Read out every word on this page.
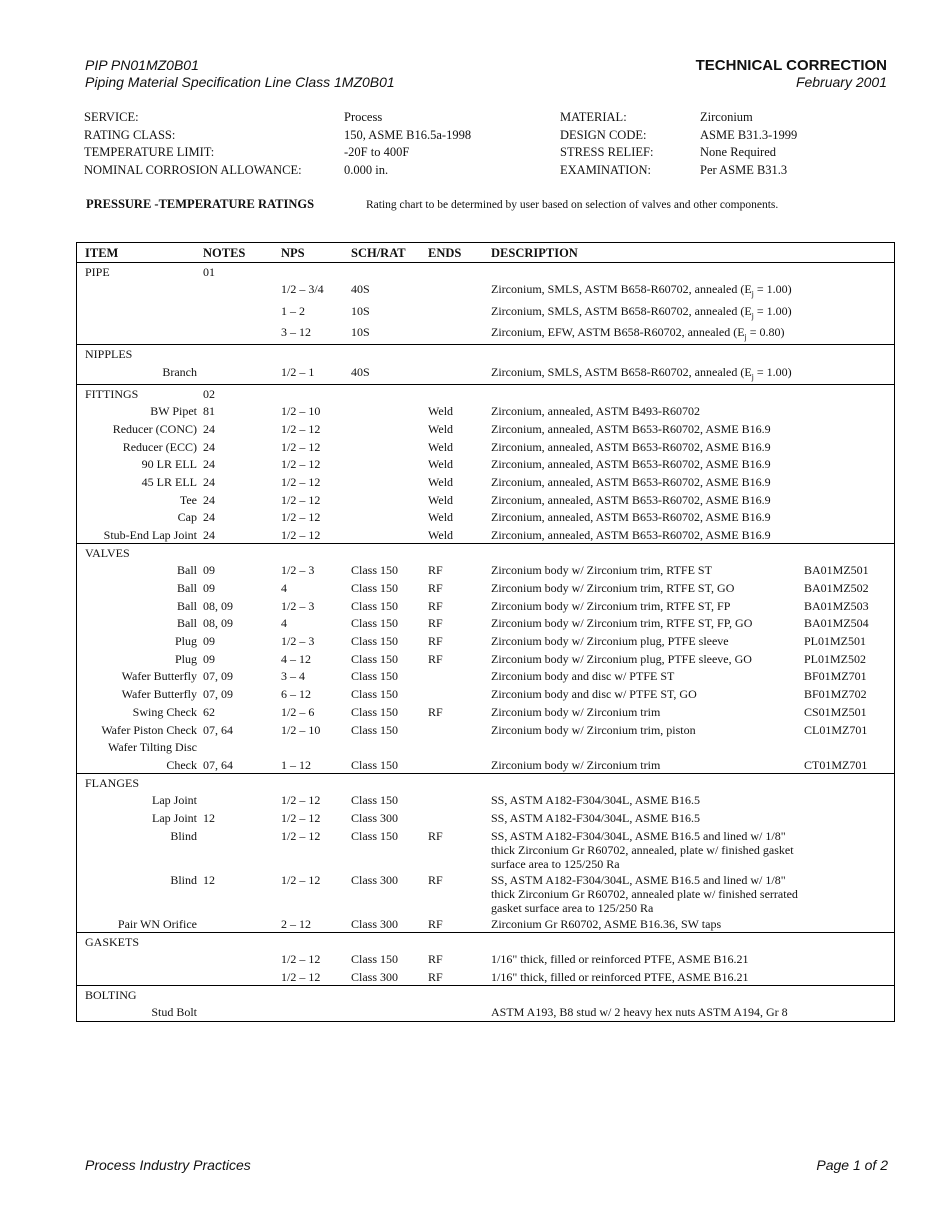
PIP PN01MZ0B01
Piping Material Specification Line Class 1MZ0B01
TECHNICAL CORRECTION
February 2001
SERVICE:	Process	MATERIAL:	Zirconium
RATING CLASS:	150, ASME B16.5a-1998	DESIGN CODE:	ASME B31.3-1999
TEMPERATURE LIMIT:	-20F to 400F	STRESS RELIEF:	None Required
NOMINAL CORROSION ALLOWANCE:	0.000 in.	EXAMINATION:	Per ASME B31.3
PRESSURE -TEMPERATURE RATINGS	Rating chart to be determined by user based on selection of valves and other components.
ITEM	NOTES	NPS	SCH/RAT	ENDS	DESCRIPTION	
PIPE	01					
		1/2 – 3/4	40S		Zirconium, SMLS, ASTM B658-R60702, annealed $(E_j = 1.00)$	
		1 – 2	10S		Zirconium, SMLS, ASTM B658-R60702, annealed $(E_j = 1.00)$	
		3 – 12	10S		Zirconium, EFW, ASTM B658-R60702, annealed $(E_j = 0.80)$	
NIPPLES						
Branch		1/2 – 1	40S		Zirconium, SMLS, ASTM B658-R60702, annealed $(E_j = 1.00)$	
FITTINGS	02					
BW Pipet	81	1/2 – 10		Weld	Zirconium, annealed, ASTM B493-R60702	
Reducer (CONC)	24	1/2 – 12		Weld	Zirconium, annealed, ASTM B653-R60702, ASME B16.9	
Reducer (ECC)	24	1/2 – 12		Weld	Zirconium, annealed, ASTM B653-R60702, ASME B16.9	
90 LR ELL	24	1/2 – 12		Weld	Zirconium, annealed, ASTM B653-R60702, ASME B16.9	
45 LR ELL	24	1/2 – 12		Weld	Zirconium, annealed, ASTM B653-R60702, ASME B16.9	
Tee	24	1/2 – 12		Weld	Zirconium, annealed, ASTM B653-R60702, ASME B16.9	
Cap	24	1/2 – 12		Weld	Zirconium, annealed, ASTM B653-R60702, ASME B16.9	
Stub-End Lap Joint	24	1/2 – 12		Weld	Zirconium, annealed, ASTM B653-R60702, ASME B16.9	
VALVES						
Ball	09	1/2 – 3	Class 150	RF	Zirconium body w/ Zirconium trim, RTFE ST	BA01MZ501
Ball	09	4	Class 150	RF	Zirconium body w/ Zirconium trim, RTFE ST, GO	BA01MZ502
Ball	08, 09	1/2 – 3	Class 150	RF	Zirconium body w/ Zirconium trim, RTFE ST, FP	BA01MZ503
Ball	08, 09	4	Class 150	RF	Zirconium body w/ Zirconium trim, RTFE ST, FP, GO	BA01MZ504
Plug	09	1/2 – 3	Class 150	RF	Zirconium body w/ Zirconium plug, PTFE sleeve	PL01MZ501
Plug	09	4 – 12	Class 150	RF	Zirconium body w/ Zirconium plug, PTFE sleeve, GO	PL01MZ502
Wafer Butterfly	07, 09	3 – 4	Class 150		Zirconium body and disc w/ PTFE ST	BF01MZ701
Wafer Butterfly	07, 09	6 – 12	Class 150		Zirconium body and disc w/ PTFE ST, GO	BF01MZ702
Swing Check	62	1/2 – 6	Class 150	RF	Zirconium body w/ Zirconium trim	CS01MZ501
Wafer Piston Check	07, 64	1/2 – 10	Class 150		Zirconium body w/ Zirconium trim, piston	CL01MZ701
Wafer Tilting Disc						
Check	07, 64	1 – 12	Class 150		Zirconium body w/ Zirconium trim	CT01MZ701
FLANGES						
Lap Joint		1/2 – 12	Class 150		SS, ASTM A182-F304/304L, ASME B16.5	
Lap Joint	12	1/2 – 12	Class 300		SS, ASTM A182-F304/304L, ASME B16.5	
Blind		1/2 – 12	Class 150	RF	SS, ASTM A182-F304/304L, ASME B16.5 and lined w/ 1/8" thick Zirconium Gr R60702, annealed, plate w/ finished gasket surface area to 125/250 Ra	
Blind	12	1/2 – 12	Class 300	RF	SS, ASTM A182-F304/304L, ASME B16.5 and lined w/ 1/8" thick Zirconium Gr R60702, annealed plate w/ finished serrated gasket surface area to 125/250 Ra	
Pair WN Orifice		2 – 12	Class 300	RF	Zirconium Gr R60702, ASME B16.36, SW taps	
GASKETS						
		1/2 – 12	Class 150	RF	1/16" thick, filled or reinforced PTFE, ASME B16.21	
		1/2 – 12	Class 300	RF	1/16" thick, filled or reinforced PTFE, ASME B16.21	
BOLTING						
Stud Bolt					ASTM A193, B8 stud w/ 2 heavy hex nuts ASTM A194, Gr 8	
Process Industry Practices	Page 1 of 2
